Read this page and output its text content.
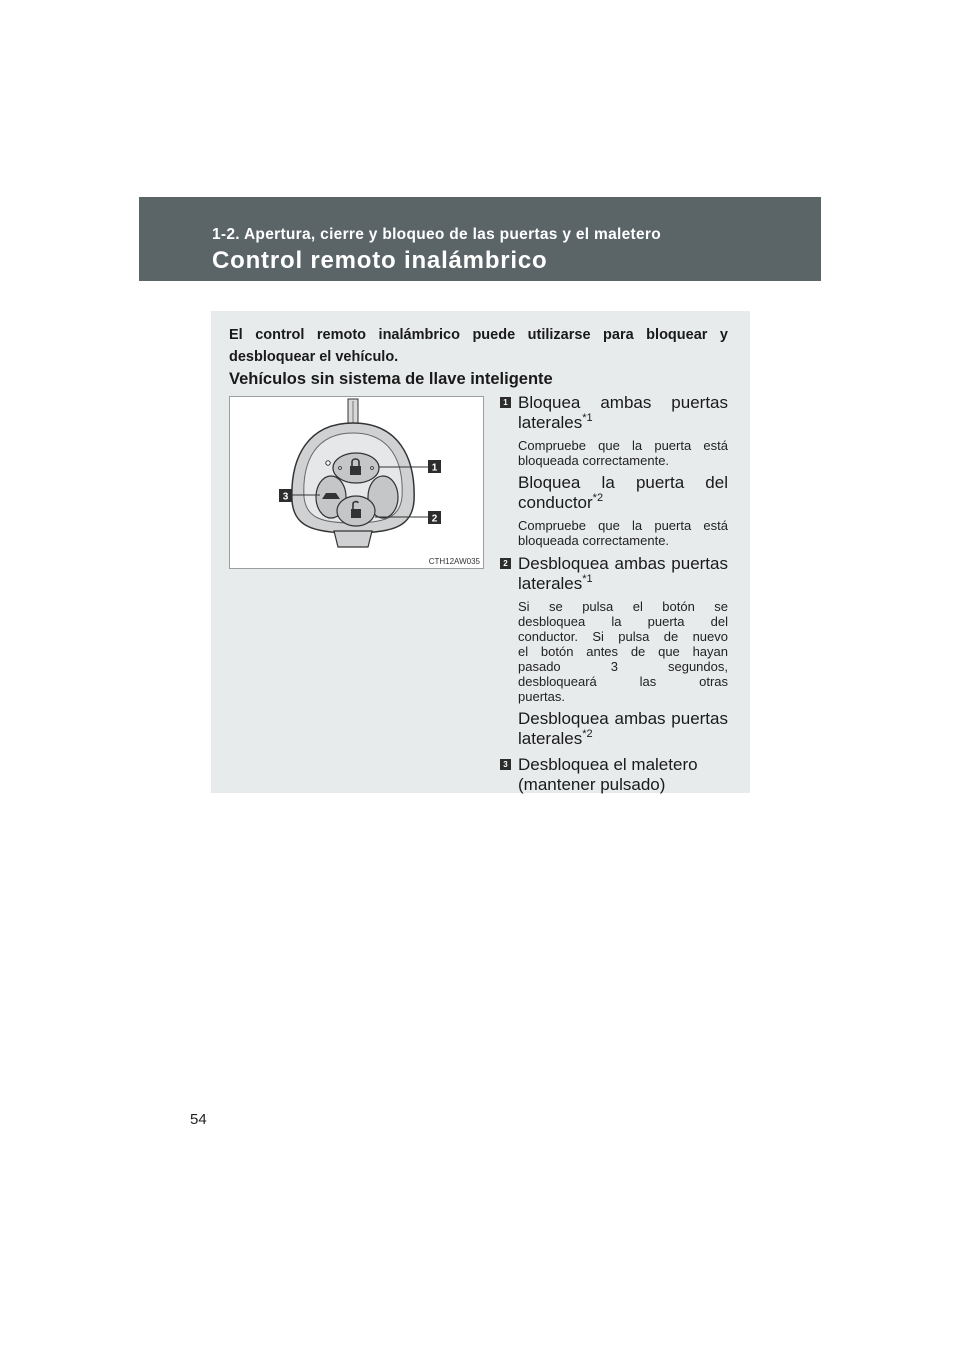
1-2. Apertura, cierre y bloqueo de las puertas y el maletero
Control remoto inalámbrico
El control remoto inalámbrico puede utilizarse para bloquear y
desbloquear el vehículo.
Vehículos sin sistema de llave inteligente
1
2
3
CTH12AW035
1 Bloquea ambas puertas
laterales$^{*1}$
Compruebe que la puerta está
bloqueada correctamente.
Bloquea la puerta del
conductor$^{*2}$
Compruebe que la puerta está
bloqueada correctamente.
2 Desbloquea ambas puertas
laterales$^{*1}$
Si se pulsa el botón se
desbloquea la puerta del
conductor. Si pulsa de nuevo
el botón antes de que hayan
pasado 3 segundos,
desbloqueará las otras
puertas.
Desbloquea ambas puertas
laterales$^{*2}$
3 Desbloquea el maletero
(mantener pulsado)
54
